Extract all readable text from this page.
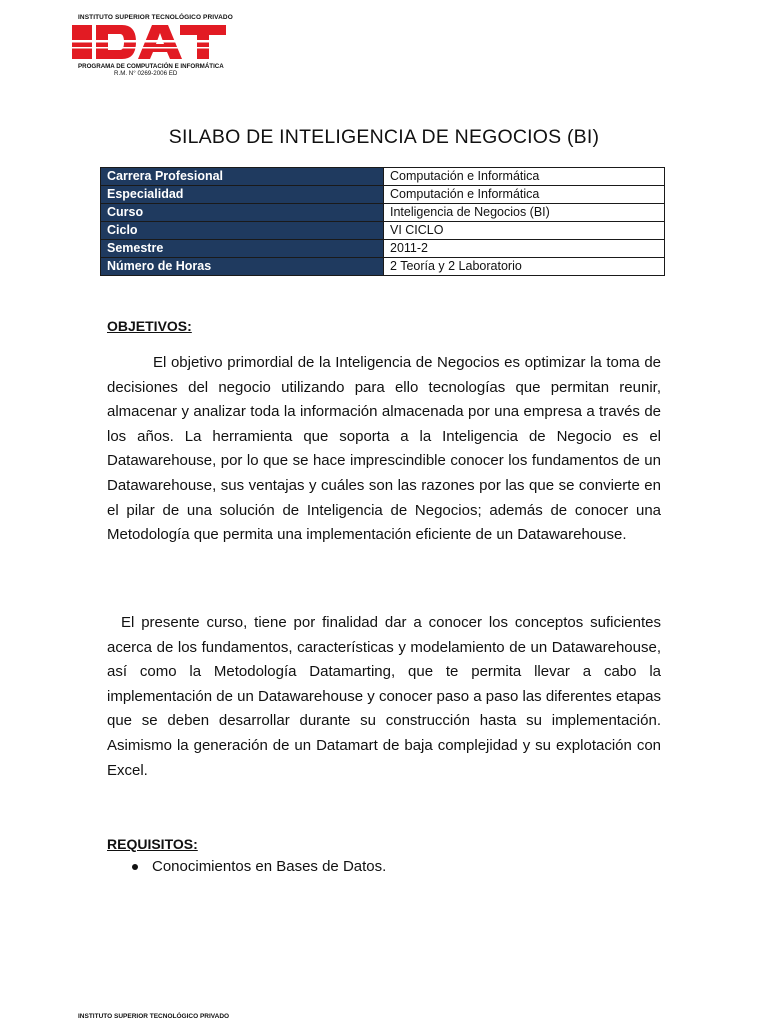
INSTITUTO SUPERIOR TECNOLÓGICO PRIVADO
PROGRAMA DE COMPUTACIÓN E INFORMÁTICA
R.M. N° 0269-2006 ED
SILABO DE INTELIGENCIA DE NEGOCIOS (BI)
Carrera Profesional	Computación e Informática
Especialidad	Computación e Informática
Curso	Inteligencia de Negocios (BI)
Ciclo	VI CICLO
Semestre	2011-2
Número de Horas	2 Teoría y 2 Laboratorio
OBJETIVOS:
El objetivo primordial de la Inteligencia de Negocios es optimizar la toma de decisiones del negocio utilizando para ello tecnologías que permitan reunir, almacenar y analizar toda la información almacenada por una empresa a través de los años. La herramienta que soporta a la Inteligencia de Negocio es el Datawarehouse, por lo que se hace imprescindible conocer los fundamentos de un Datawarehouse, sus ventajas y cuáles son las razones por las que se convierte en el pilar de una solución de Inteligencia de Negocios; además de conocer una Metodología que permita una implementación eficiente de un Datawarehouse.
El presente curso, tiene por finalidad dar a conocer los conceptos suficientes acerca de los fundamentos, características y modelamiento de un Datawarehouse, así como la Metodología Datamarting, que te permita llevar a cabo la implementación de un Datawarehouse y conocer paso a paso las diferentes etapas que se deben desarrollar durante su construcción hasta su implementación. Asimismo la generación de un Datamart de baja complejidad y su explotación con Excel.
REQUISITOS:
Conocimientos en Bases de Datos.
INSTITUTO SUPERIOR TECNOLÓGICO PRIVADO
